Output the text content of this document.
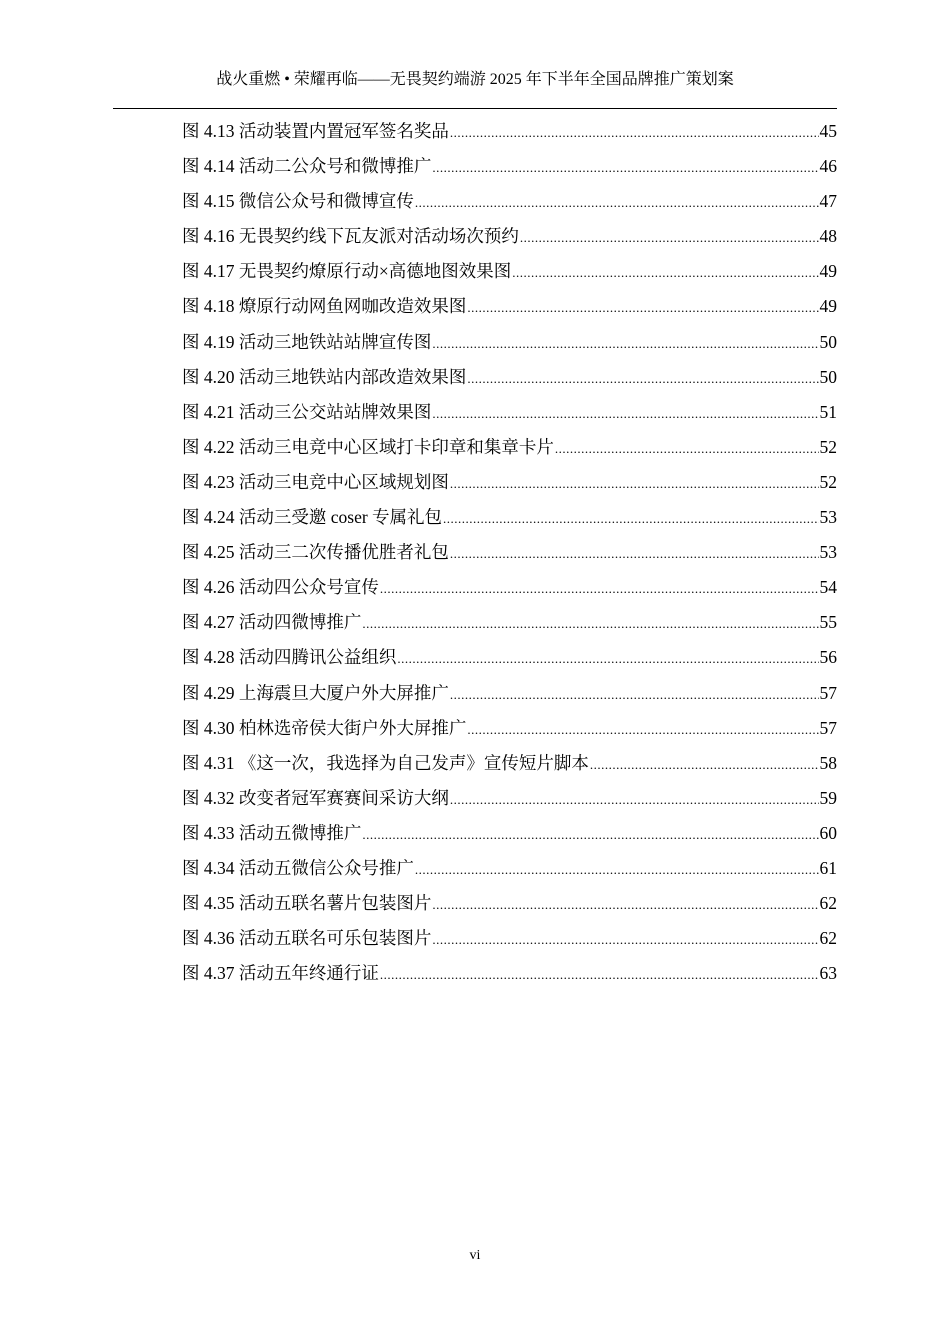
战火重燃 • 荣耀再临——无畏契约端游 2025 年下半年全国品牌推广策划案
图 4.13 活动装置内置冠军签名奖品 .....	45
图 4.14 活动二公众号和微博推广 .....	46
图 4.15 微信公众号和微博宣传 .....	47
图 4.16 无畏契约线下瓦友派对活动场次预约 .....	48
图 4.17 无畏契约燎原行动×高德地图效果图 .....	49
图 4.18 燎原行动网鱼网咖改造效果图 .....	49
图 4.19 活动三地铁站站牌宣传图 .....	50
图 4.20 活动三地铁站内部改造效果图 .....	50
图 4.21 活动三公交站站牌效果图 .....	51
图 4.22 活动三电竞中心区域打卡印章和集章卡片 .....	52
图 4.23 活动三电竞中心区域规划图 .....	52
图 4.24 活动三受邀 coser 专属礼包 .....	53
图 4.25 活动三二次传播优胜者礼包 .....	53
图 4.26 活动四公众号宣传 .....	54
图 4.27 活动四微博推广 .....	55
图 4.28 活动四腾讯公益组织 .....	56
图 4.29 上海震旦大厦户外大屏推广 .....	57
图 4.30 柏林选帝侯大街户外大屏推广 .....	57
图 4.31 《这一次，我选择为自己发声》宣传短片脚本 .....	58
图 4.32 改变者冠军赛赛间采访大纲 .....	59
图 4.33 活动五微博推广 .....	60
图 4.34 活动五微信公众号推广 .....	61
图 4.35 活动五联名薯片包装图片 .....	62
图 4.36 活动五联名可乐包装图片 .....	62
图 4.37 活动五年终通行证 .....	63
vi
